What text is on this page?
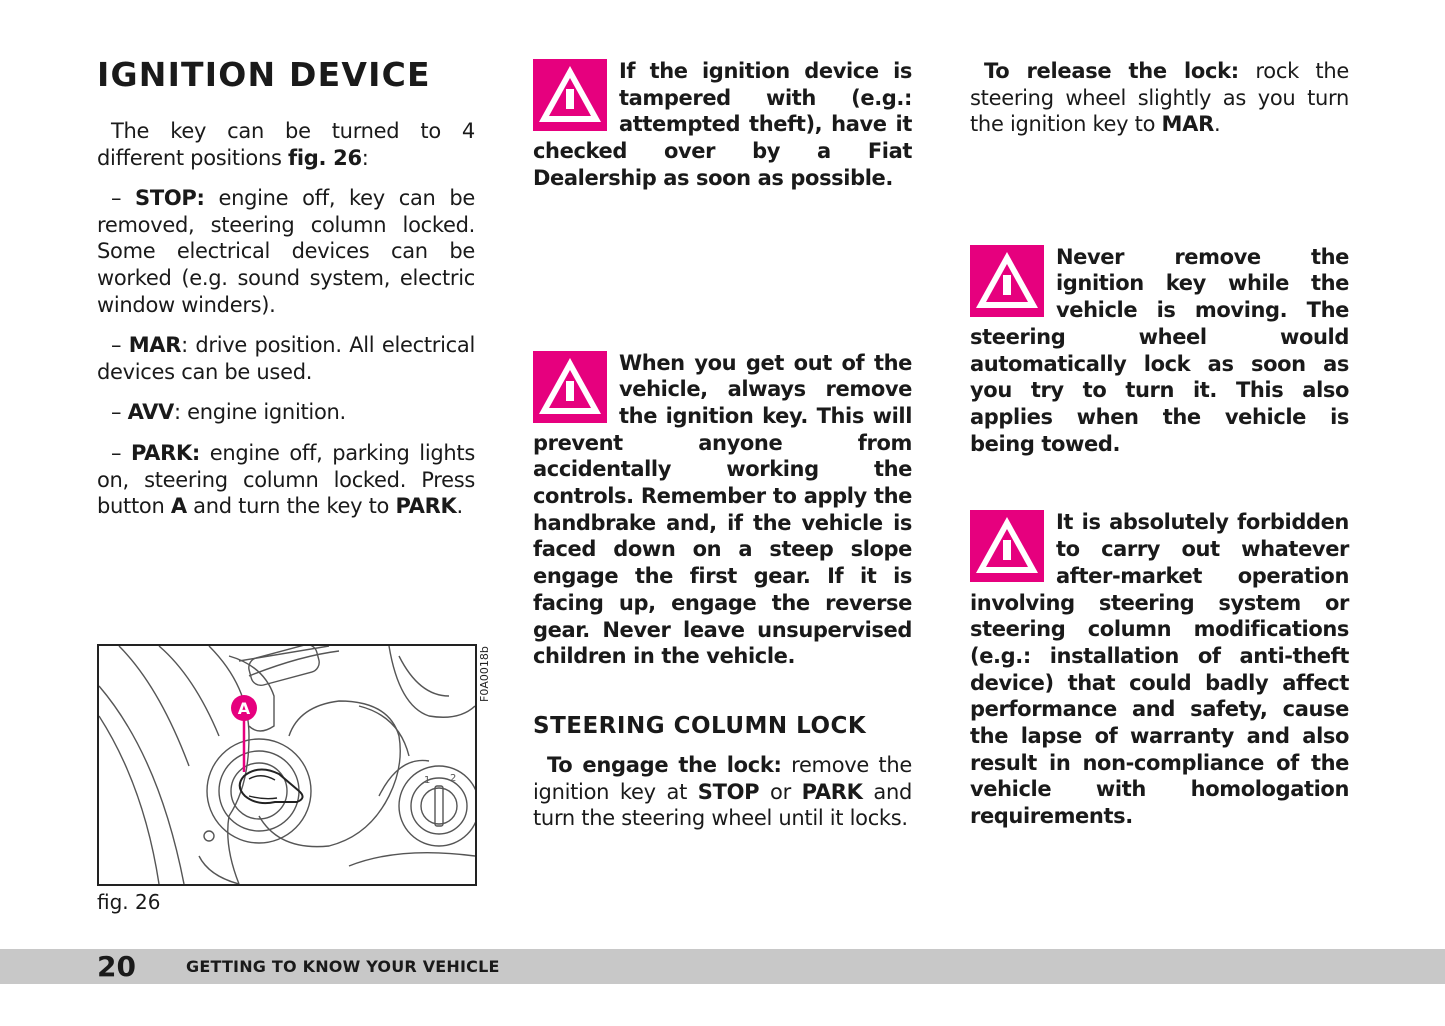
IGNITION DEVICE

The key can be turned to 4 different positions fig. 26:

– STOP: engine off, key can be removed, steering column locked. Some electrical devices can be worked (e.g. sound system, electric window winders).

– MAR: drive position. All electrical devices can be used.

– AVV: engine ignition.

– PARK: engine off, parking lights on, steering column locked. Press button A and turn the key to PARK.

1 2
A
F0A0018b
fig. 26
If the ignition device is tampered with (e.g.: attempted theft), have it checked over by a Fiat Dealership as soon as possible.
When you get out of the vehicle, always remove the ignition key. This will prevent anyone from accidentally working the controls. Remember to apply the handbrake and, if the vehicle is faced down on a steep slope engage the first gear. If it is facing up, engage the reverse gear. Never leave unsupervised children in the vehicle.
STEERING COLUMN LOCK

To engage the lock: remove the ignition key at STOP or PARK and turn the steering wheel until it locks.

To release the lock: rock the steering wheel slightly as you turn the ignition key to MAR.

Never remove the ignition key while the vehicle is moving. The steering wheel would automatically lock as soon as you try to turn it. This also applies when the vehicle is being towed.
It is absolutely forbidden to carry out whatever after-market operation involving steering system or steering column modifications (e.g.: installation of anti-theft device) that could badly affect performance and safety, cause the lapse of warranty and also result in non-compliance of the vehicle with homologation requirements.
20	GETTING TO KNOW YOUR VEHICLE
